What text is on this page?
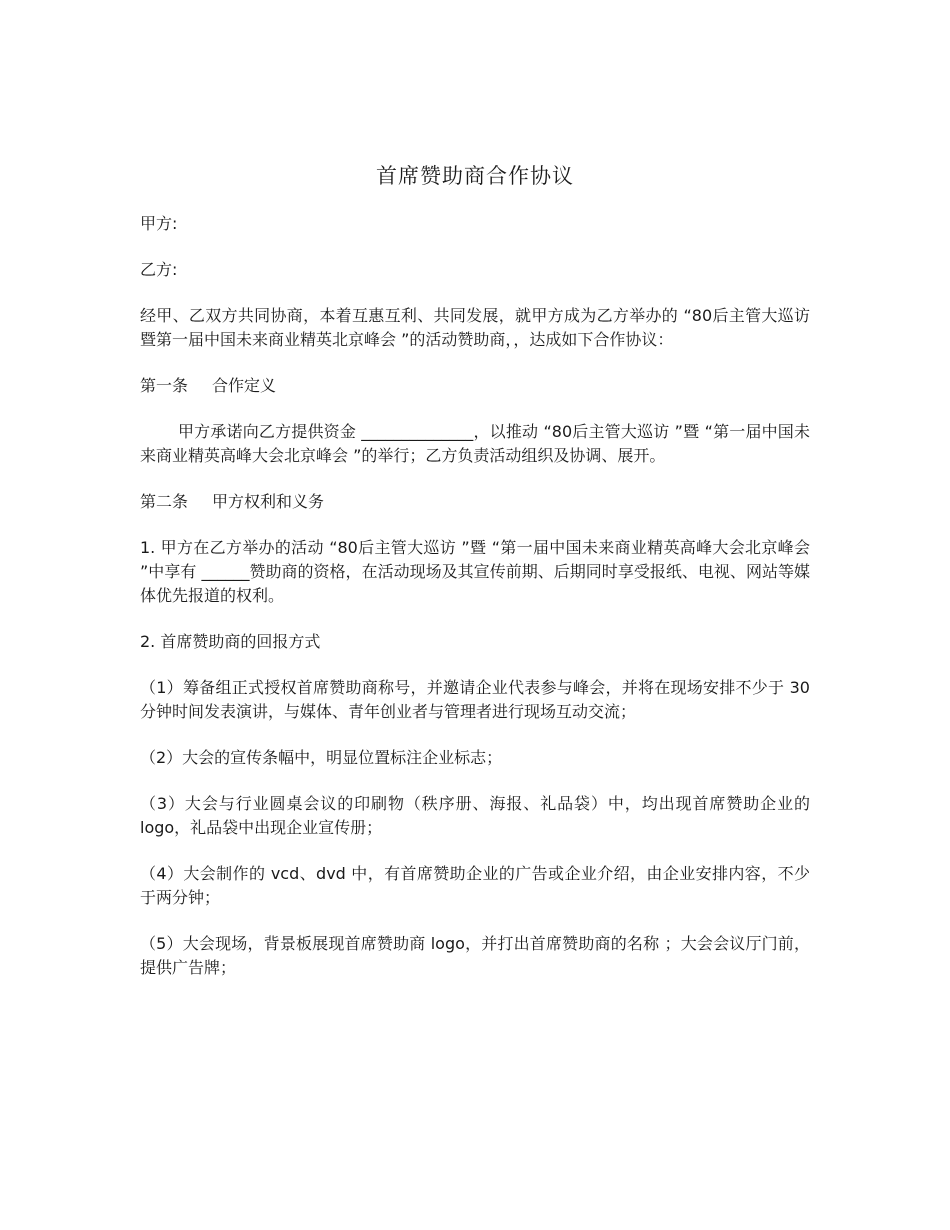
首席赞助商合作协议

甲方:

乙方:

经甲、乙双方共同协商，本着互惠互利、共同发展，就甲方成为乙方举办的 “80后主管大巡访暨第一届中国未来商业精英北京峰会 ”的活动赞助商，，达成如下合作协议：

第一条 合作定义

甲方承诺向乙方提供资金 ______________，以推动 “80后主管大巡访 ”暨 “第一届中国未来商业精英高峰大会北京峰会 ”的举行；乙方负责活动组织及协调、展开。

第二条 甲方权利和义务

1. 甲方在乙方举办的活动 “80后主管大巡访 ”暨 “第一届中国未来商业精英高峰大会北京峰会 ”中享有 ______赞助商的资格，在活动现场及其宣传前期、后期同时享受报纸、电视、网站等媒体优先报道的权利。

2. 首席赞助商的回报方式

（1）筹备组正式授权首席赞助商称号，并邀请企业代表参与峰会，并将在现场安排不少于 30 分钟时间发表演讲，与媒体、青年创业者与管理者进行现场互动交流；

（2）大会的宣传条幅中，明显位置标注企业标志；

（3）大会与行业圆桌会议的印刷物（秩序册、海报、礼品袋）中，均出现首席赞助企业的 logo，礼品袋中出现企业宣传册；

（4）大会制作的 vcd、dvd 中，有首席赞助企业的广告或企业介绍，由企业安排内容，不少于两分钟；

（5）大会现场，背景板展现首席赞助商 logo，并打出首席赞助商的名称 ；大会会议厅门前，提供广告牌；
